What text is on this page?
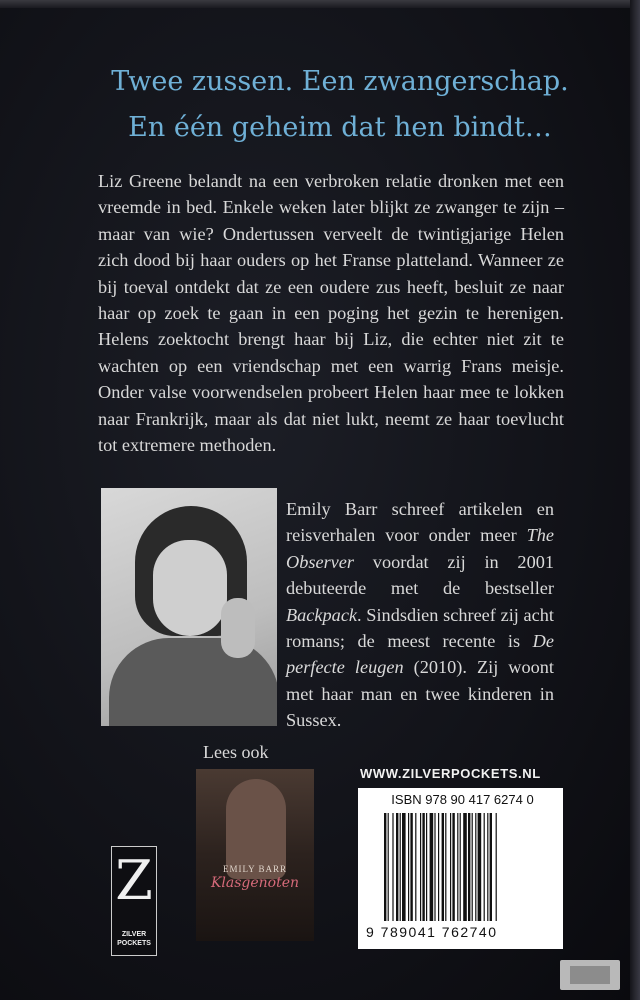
Twee zussen. Een zwangerschap.
En één geheim dat hen bindt…

Liz Greene belandt na een verbroken relatie dronken met een vreemde in bed. Enkele weken later blijkt ze zwanger te zijn – maar van wie? Ondertussen verveelt de twintigjarige Helen zich dood bij haar ouders op het Franse platteland. Wanneer ze bij toeval ontdekt dat ze een oudere zus heeft, besluit ze naar haar op zoek te gaan in een poging het gezin te herenigen. Helens zoektocht brengt haar bij Liz, die echter niet zit te wachten op een vriendschap met een warrig Frans meisje. Onder valse voorwendselen probeert Helen haar mee te lokken naar Frankrijk, maar als dat niet lukt, neemt ze haar toevlucht tot extremere methoden.

Emily Barr schreef artikelen en reisverhalen voor onder meer The Observer voordat zij in 2001 debuteerde met de bestseller Backpack. Sindsdien schreef zij acht romans; de meest recente is De perfecte leugen (2010). Zij woont met haar man en twee kinderen in Sussex.
Lees ook
EMILY BARR
Klasgenoten
Z
ZILVER
POCKETS
WWW.ZILVERPOCKETS.NL
ISBN 978 90 417 6274 0
9 789041 762740
